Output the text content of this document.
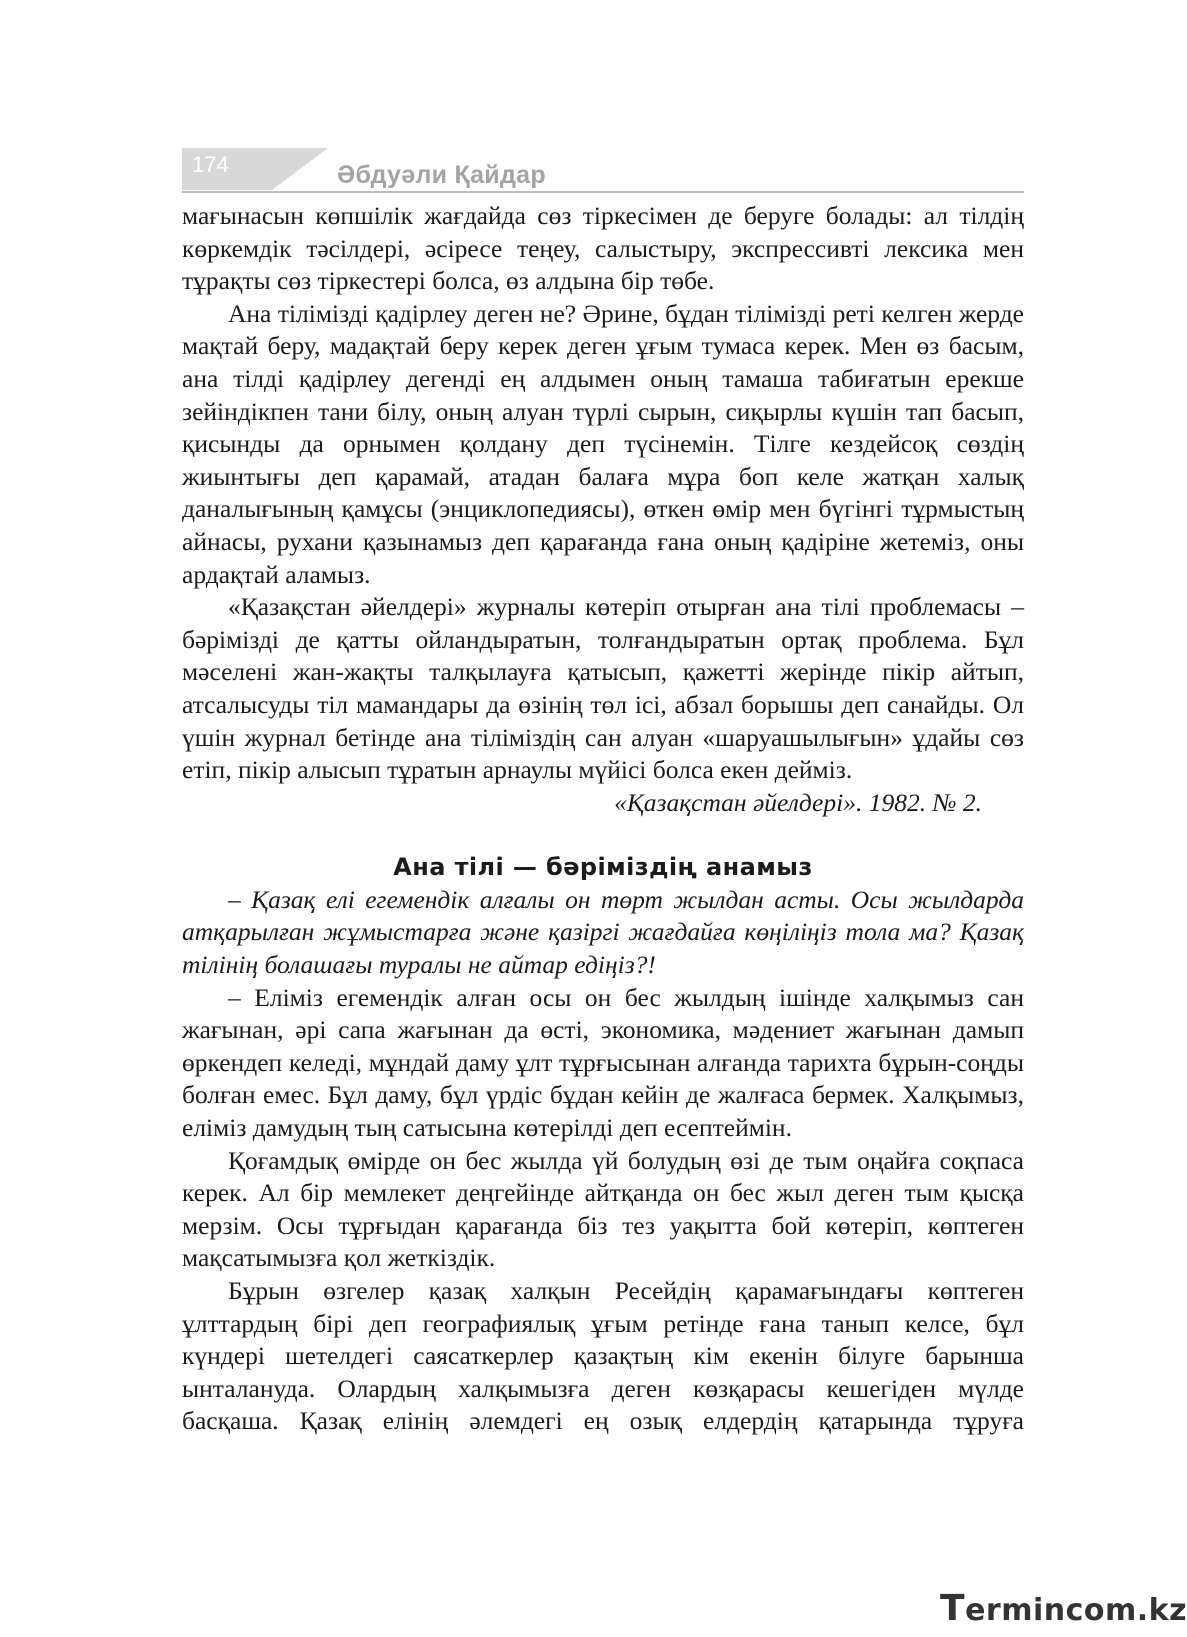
174	Әбдуәли Қайдар

мағынасын көпшілік жағдайда сөз тіркесімен де беруге болады: ал тілдің көркемдік тәсілдері, әсіресе теңеу, салыстыру, экспрессивті лексика мен тұрақты сөз тіркестері болса, өз алдына бір төбе.

Ана тілімізді қадірлеу деген не? Әрине, бұдан тілімізді реті келген жерде мақтай беру, мадақтай беру керек деген ұғым тумаса керек. Мен өз басым, ана тілді қадірлеу дегенді ең алдымен оның тамаша табиғатын ерекше зейіндікпен тани білу, оның алуан түрлі сырын, сиқырлы күшін тап басып, қисынды да орнымен қолдану деп түсінемін. Тілге кездейсоқ сөздің жиынтығы деп қарамай, атадан балаға мұра боп келе жатқан халық даналығының қамұсы (энциклопедиясы), өткен өмір мен бүгінгі тұрмыстың айнасы, рухани қазынамыз деп қарағанда ғана оның қадіріне жетеміз, оны ардақтай аламыз.

«Қазақстан әйелдері» журналы көтеріп отырған ана тілі проблемасы – бәрімізді де қатты ойландыратын, толғандыратын ортақ проблема. Бұл мәселені жан-жақты талқылауға қатысып, қажетті жерінде пікір айтып, атсалысуды тіл мамандары да өзінің төл ісі, абзал борышы деп санайды. Ол үшін журнал бетінде ана тіліміздің сан алуан «шаруашылығын» ұдайы сөз етіп, пікір алысып тұратын арнаулы мүйісі болса екен дейміз.

«Қазақстан әйелдері». 1982. № 2.

Ана тілі — бәріміздің анамыз

– Қазақ елі егемендік алғалы он төрт жылдан асты. Осы жылдарда атқарылған жұмыстарға және қазіргі жағдайға көңіліңіз тола ма? Қазақ тілінің болашағы туралы не айтар едіңіз?!

– Еліміз егемендік алған осы он бес жылдың ішінде халқымыз сан жағынан, әрі сапа жағынан да өсті, экономика, мәдениет жағынан дамып өркендеп келеді, мұндай даму ұлт тұрғысынан алғанда тарихта бұрын-соңды болған емес. Бұл даму, бұл үрдіс бұдан кейін де жалғаса бермек. Халқымыз, еліміз дамудың тың сатысына көтерілді деп есептеймін.

Қоғамдық өмірде он бес жылда үй болудың өзі де тым оңайға соқпаса керек. Ал бір мемлекет деңгейінде айтқанда он бес жыл деген тым қысқа мерзім. Осы тұрғыдан қарағанда біз тез уақытта бой көтеріп, көптеген мақсатымызға қол жеткіздік.

Бұрын өзгелер қазақ халқын Ресейдің қарамағындағы көптеген ұлттардың бірі деп географиялық ұғым ретінде ғана танып келсе, бұл күндері шетелдегі саясаткерлер қазақтың кім екенін білуге барынша ынталануда. Олардың халқымызға деген көзқарасы кешегіден мүлде басқаша. Қазақ елінің әлемдегі ең озық елдердің қатарында тұруға

Termincom.kz
